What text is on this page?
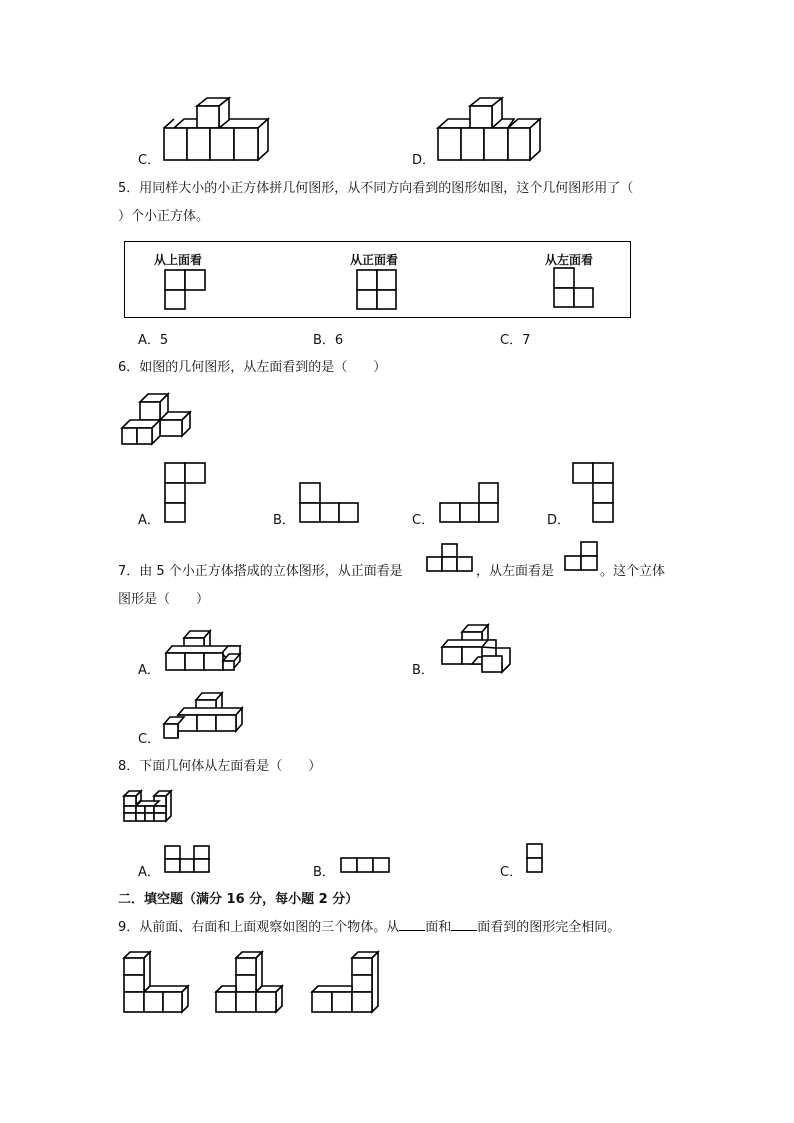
C．	D．
5．用同样大小的小正方体拼几何图形，从不同方向看到的图形如图，这个几何图形用了（
）个小正方体。
从上面看	从正面看	从左面看
A．5	B．6	C．7
6．如图的几何图形，从左面看到的是（　　）
A．	B．	C．	D．
7．由 5 个小正方体搭成的立体图形，从正面看是	，从左面看是	。这个立体
图形是（　　）
A．	B．
C．
8．下面几何体从左面看是（　　）
A．	B．	C．
二．填空题（满分 16 分，每小题 2 分）
9．从前面、右面和上面观察如图的三个物体。从 面和 面看到的图形完全相同。
